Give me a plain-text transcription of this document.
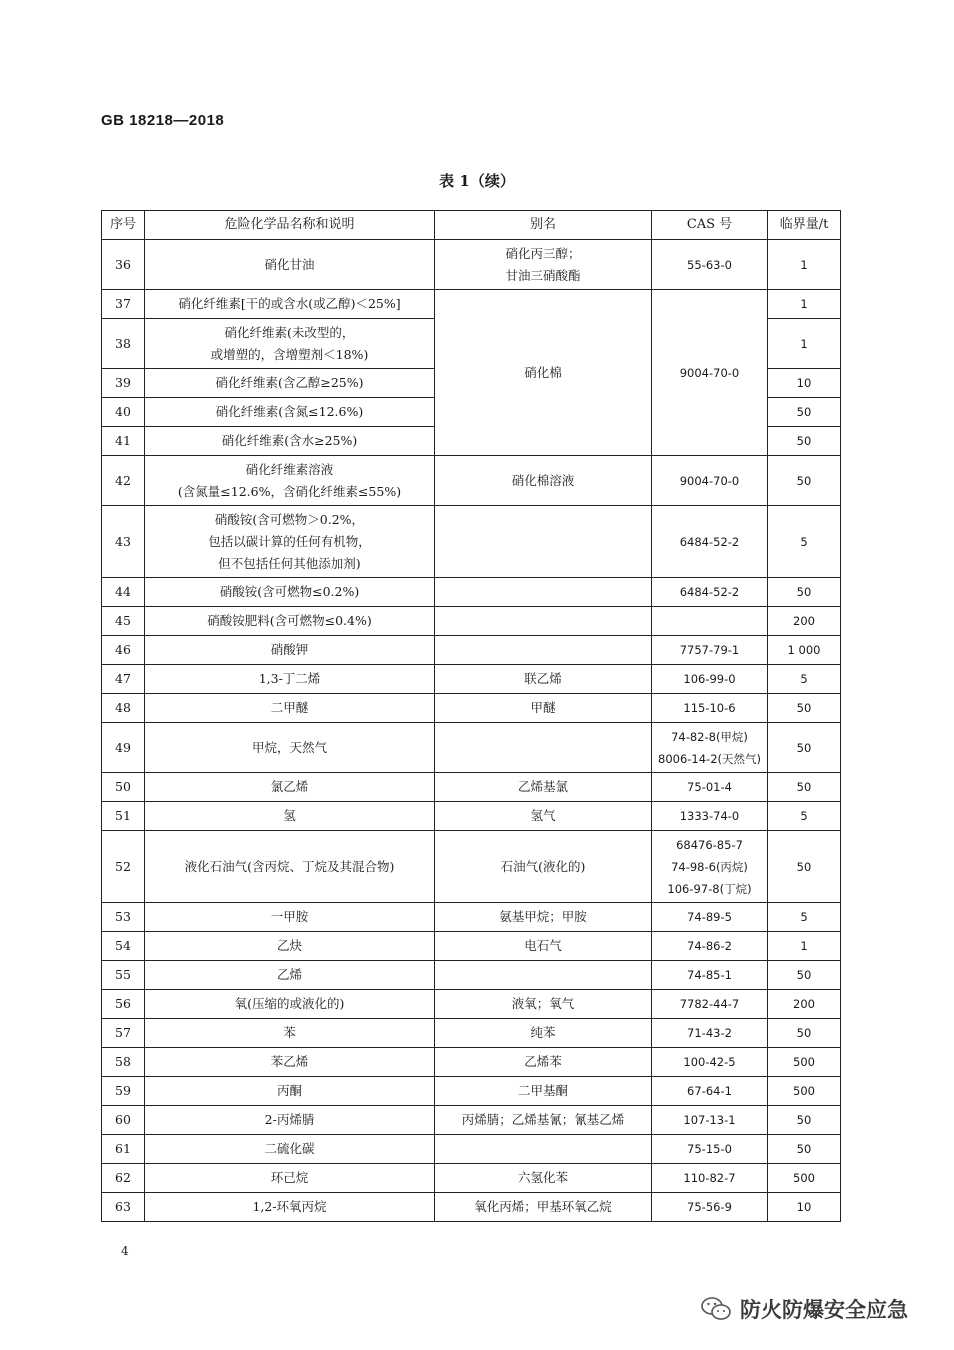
GB 18218—2018
表 1（续）
序号	危险化学品名称和说明	别名	CAS 号	临界量/t
36	硝化甘油	硝化丙三醇；
甘油三硝酸酯	55-63-0	1
37	硝化纤维素[干的或含水(或乙醇)＜25%]	硝化棉	9004-70-0	1
38	硝化纤维素(未改型的，
或增塑的，含增塑剂＜18%)			1
39	硝化纤维素(含乙醇≥25%)			10
40	硝化纤维素(含氮≤12.6%)			50
41	硝化纤维素(含水≥25%)			50
42	硝化纤维素溶液
(含氮量≤12.6%，含硝化纤维素≤55%)	硝化棉溶液	9004-70-0	50
43	硝酸铵(含可燃物＞0.2%，
包括以碳计算的任何有机物，
但不包括任何其他添加剂)		6484-52-2	5
44	硝酸铵(含可燃物≤0.2%)		6484-52-2	50
45	硝酸铵肥料(含可燃物≤0.4%)			200
46	硝酸钾		7757-79-1	1 000
47	1,3-丁二烯	联乙烯	106-99-0	5
48	二甲醚	甲醚	115-10-6	50
49	甲烷，天然气		74-82-8(甲烷)
8006-14-2(天然气)	50
50	氯乙烯	乙烯基氯	75-01-4	50
51	氢	氢气	1333-74-0	5
52	液化石油气(含丙烷、丁烷及其混合物)	石油气(液化的)	68476-85-7
74-98-6(丙烷)
106-97-8(丁烷)	50
53	一甲胺	氨基甲烷；甲胺	74-89-5	5
54	乙炔	电石气	74-86-2	1
55	乙烯		74-85-1	50
56	氧(压缩的或液化的)	液氧；氧气	7782-44-7	200
57	苯	纯苯	71-43-2	50
58	苯乙烯	乙烯苯	100-42-5	500
59	丙酮	二甲基酮	67-64-1	500
60	2-丙烯腈	丙烯腈；乙烯基氰；氰基乙烯	107-13-1	50
61	二硫化碳		75-15-0	50
62	环己烷	六氢化苯	110-82-7	500
63	1,2-环氧丙烷	氧化丙烯；甲基环氧乙烷	75-56-9	10
4
防火防爆安全应急
